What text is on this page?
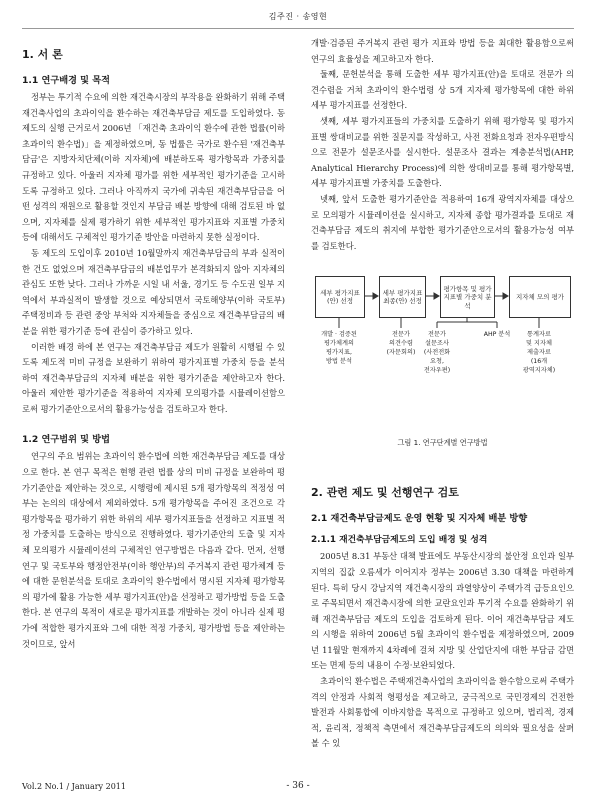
김주진 · 송영현
1. 서 론
1.1 연구배경 및 목적

정부는 투기적 수요에 의한 재건축시장의 부작용을 완화하기 위해 주택재건축사업의 초과이익을 환수하는 재건축부담금 제도를 도입하였다. 동 제도의 실행 근거로서 2006년 「재건축 초과이익 환수에 관한 법률(이하 초과이익 환수법)」을 제정하였으며, 동 법률은 국가로 환수된 '재건축부담금'은 지방자치단체(이하 지자체)에 배분하도록 평가항목과 가중치를 규정하고 있다. 아울러 지자체 평가를 위한 세부적인 평가기준을 고시하도록 규정하고 있다. 그러나 아직까지 국가에 귀속된 재건축부담금을 어떤 성격의 재원으로 활용할 것인지 부담금 배분 방향에 대해 검토된 바 없으며, 지자체를 실제 평가하기 위한 세부적인 평가지표와 지표별 가중치 등에 대해서도 구체적인 평가기준 방안을 마련하지 못한 실정이다.

동 제도의 도입이후 2010년 10월말까지 재건축부담금의 부과 실적이 한 건도 없었으며 재건축부담금의 배분업무가 본격화되지 않아 지자체의 관심도 또한 낮다. 그러나 가까운 시일 내 서울, 경기도 등 수도권 일부 지역에서 부과실적이 발생할 것으로 예상되면서 국토해양부(이하 국토부) 주택정비과 등 관련 중앙 부처와 지자체들을 중심으로 재건축부담금의 배분을 위한 평가기준 등에 관심이 증가하고 있다.

이러한 배경 하에 본 연구는 재건축부담금 제도가 원활히 시행될 수 있도록 제도적 미비 규정을 보완하기 위하여 평가지표별 가중치 등을 분석하여 재건축부담금의 지자체 배분을 위한 평가기준을 제안하고자 한다. 아울러 제안한 평가기준을 적용하여 지자체 모의평가를 시뮬레이션함으로써 평가기준안으로서의 활용가능성을 검토하고자 한다.

1.2 연구범위 및 방법

연구의 주요 범위는 초과이익 환수법에 의한 재건축부담금 제도를 대상으로 한다. 본 연구 목적은 현행 관련 법률 상의 미비 규정을 보완하여 평가기준안을 제안하는 것으로, 시행령에 제시된 5개 평가항목의 적정성 여부는 논의의 대상에서 제외하였다. 5개 평가항목을 주어진 조건으로 각 평가항목을 평가하기 위한 하위의 세부 평가지표들을 선정하고 지표별 적정 가중치를 도출하는 방식으로 진행하였다. 평가기준안의 도출 및 지자체 모의평가 시뮬레이션의 구체적인 연구방법은 다음과 같다. 먼저, 선행 연구 및 국토부와 행정안전부(이하 행안부)의 주거복지 관련 평가체계 등에 대한 문헌분석을 토대로 초과이익 환수법에서 명시된 지자체 평가항목의 평가에 활용 가능한 세부 평가지표(안)을 선정하고 평가방법 등을 도출한다. 본 연구의 목적이 새로운 평가지표를 개발하는 것이 아니라 실제 평가에 적합한 평가지표와 그에 대한 적정 가중치, 평가방법 등을 제안하는 것이므로, 앞서

개발·검증된 주거복지 관련 평가 지표와 방법 등을 최대한 활용함으로써 연구의 효율성을 제고하고자 한다.

둘째, 문헌분석을 통해 도출한 세부 평가지표(안)을 토대로 전문가 의견수렴을 거쳐 초과이익 환수법령 상 5개 지자체 평가항목에 대한 하위 세부 평가지표를 선정한다.

셋째, 세부 평가지표들의 가중치를 도출하기 위해 평가항목 및 평가지표별 쌍대비교를 위한 질문지를 작성하고, 사전 전화요청과 전자우편방식으로 전문가 설문조사를 실시한다. 설문조사 결과는 계층분석법(AHP, Analytical Hierarchy Process)에 의한 쌍대비교를 통해 평가항목별, 세부 평가지표별 가중치를 도출한다.

넷째, 앞서 도출한 평가기준안을 적용하여 16개 광역지자체를 대상으로 모의평가 시뮬레이션을 실시하고, 지자체 종합 평가결과를 토대로 재건축부담금 제도의 취지에 부합한 평가기준안으로서의 활용가능성 여부를 검토한다.

세부 평가지표(안) 선정
세부 평가지표 최종(안) 선정
평가항목 및 평가지표별 가중치 분석
지자체 모의 평가
개발 · 검증된
평가체계의
평가지표,
방법 분석
전문가
의견수렴
(자문회의)
전문가
설문조사
(사전전화
요청,
전자우편)
AHP 분석	통계자료
및 지자체
제출자료
(16개
광역지자체)
그림 1. 연구단계별 연구방법
2. 관련 제도 및 선행연구 검토
2.1 재건축부담금제도 운영 현황 및 지자체 배분 방향
2.1.1 재건축부담금제도의 도입 배경 및 성격

2005년 8.31 부동산 대책 발표에도 부동산시장의 불안정 요인과 일부 지역의 집값 오름세가 이어지자 정부는 2006년 3.30 대책을 마련하게 된다. 특히 당시 강남지역 재건축시장의 과열양상이 주택가격 급등요인으로 주목되면서 재건축시장에 의한 교란요인과 투기적 수요를 완화하기 위해 재건축부담금 제도의 도입을 검토하게 된다. 이어 재건축부담금 제도의 시행을 위하여 2006년 5월 초과이익 환수법을 제정하였으며, 2009년 11월말 현재까지 4차례에 걸쳐 지방 및 산업단지에 대한 부담금 감면 또는 면제 등의 내용이 수정·보완되었다.

초과이익 환수법은 주택재건축사업의 초과이익을 환수함으로써 주택가격의 안정과 사회적 형평성을 제고하고, 궁극적으로 국민경제의 건전한 발전과 사회통합에 이바지함을 목적으로 규정하고 있으며, 법리적, 경제적, 윤리적, 정책적 측면에서 재건축부담금제도의 의의와 필요성을 살펴볼 수 있

Vol.2 No.1 / January 2011	- 36 -
